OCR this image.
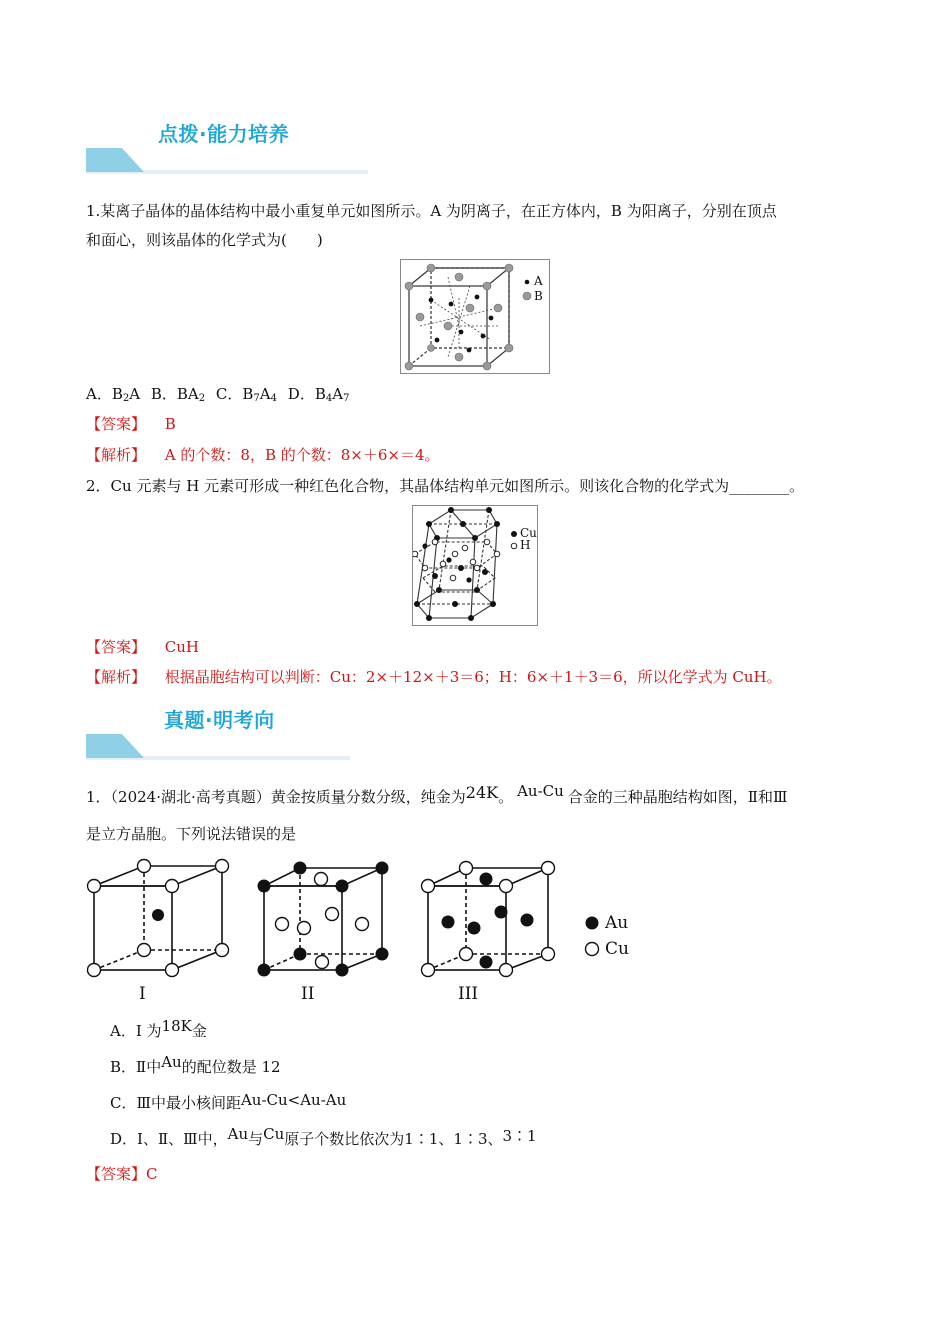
点拨·能力培养
1.某离子晶体的晶体结构中最小重复单元如图所示。A 为阴离子，在正方体内，B 为阳离子，分别在顶点
和面心，则该晶体的化学式为(　　)
A
B
A．$B_2A$ B．$BA_2$ C．$B_7A_4$ D．$B_4A_7$
【答案】 B
【解析】 A 的个数：8，B 的个数：8×＋6×＝4。
2．Cu 元素与 H 元素可形成一种红色化合物，其晶体结构单元如图所示。则该化合物的化学式为________。
Cu
H
【答案】 CuH
【解析】 根据晶胞结构可以判断：Cu：2×＋12×＋3＝6；H：6×＋1＋3＝6，所以化学式为 CuH。
真题·明考向
1．（2024·湖北·高考真题）黄金按质量分数分级，纯金为24K。 Au-Cu 合金的三种晶胞结构如图，Ⅱ和Ⅲ
是立方晶胞。下列说法错误的是
Au
Cu
I	II	III
A．I 为18K金
B．Ⅱ中Au的配位数是 12
C．Ⅲ中最小核间距Au-Cu<Au-Au
D．I、Ⅱ、Ⅲ中，Au与Cu原子个数比依次为1∶1、1∶3、3∶1
【答案】C
